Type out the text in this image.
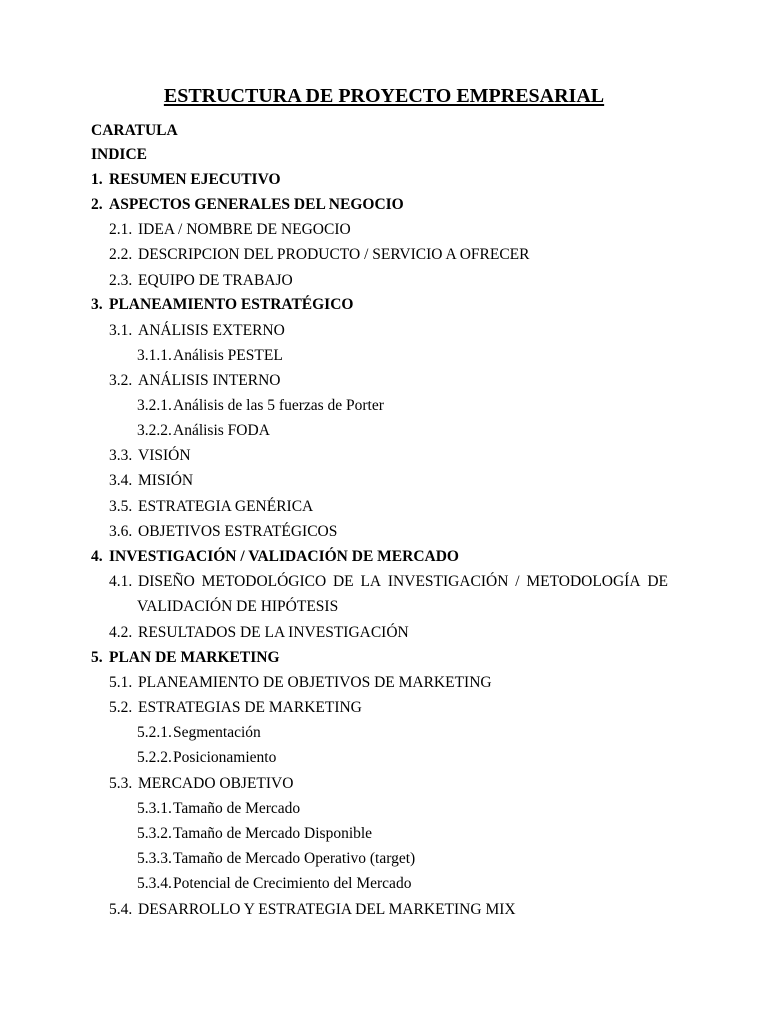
ESTRUCTURA DE PROYECTO EMPRESARIAL
CARATULA
INDICE
1. RESUMEN EJECUTIVO
2. ASPECTOS GENERALES DEL NEGOCIO
2.1. IDEA / NOMBRE DE NEGOCIO
2.2. DESCRIPCION DEL PRODUCTO / SERVICIO A OFRECER
2.3. EQUIPO DE TRABAJO
3. PLANEAMIENTO ESTRATÉGICO
3.1. ANÁLISIS EXTERNO
3.1.1.Análisis PESTEL
3.2. ANÁLISIS INTERNO
3.2.1.Análisis de las 5 fuerzas de Porter
3.2.2.Análisis FODA
3.3. VISIÓN
3.4. MISIÓN
3.5. ESTRATEGIA GENÉRICA
3.6. OBJETIVOS ESTRATÉGICOS
4. INVESTIGACIÓN / VALIDACIÓN DE MERCADO
4.1. DISEÑO METODOLÓGICO DE LA INVESTIGACIÓN / METODOLOGÍA DE
VALIDACIÓN DE HIPÓTESIS
4.2. RESULTADOS DE LA INVESTIGACIÓN
5. PLAN DE MARKETING
5.1. PLANEAMIENTO DE OBJETIVOS DE MARKETING
5.2. ESTRATEGIAS DE MARKETING
5.2.1.Segmentación
5.2.2.Posicionamiento
5.3. MERCADO OBJETIVO
5.3.1.Tamaño de Mercado
5.3.2.Tamaño de Mercado Disponible
5.3.3.Tamaño de Mercado Operativo (target)
5.3.4.Potencial de Crecimiento del Mercado
5.4. DESARROLLO Y ESTRATEGIA DEL MARKETING MIX
